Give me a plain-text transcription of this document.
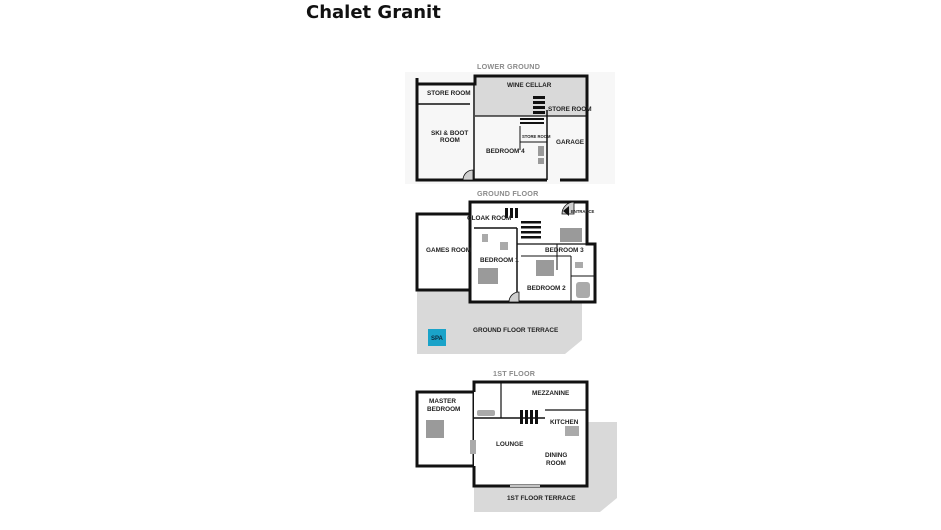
Chalet Granit
LOWER GROUND
STORE ROOM
WINE CELLAR
STORE ROOM
SKI & BOOT
ROOM
STORE ROOM
BEDROOM 4
GARAGE
GROUND FLOOR
ENTRANCE
CLOAK ROOM
GAMES ROOM	BEDROOM 3
BEDROOM 1
BEDROOM 2
GROUND FLOOR TERRACE
SPA
1ST FLOOR
MASTER
BEDROOM
MEZZANINE
KITCHEN
LOUNGE
DINING
ROOM
1ST FLOOR TERRACE
